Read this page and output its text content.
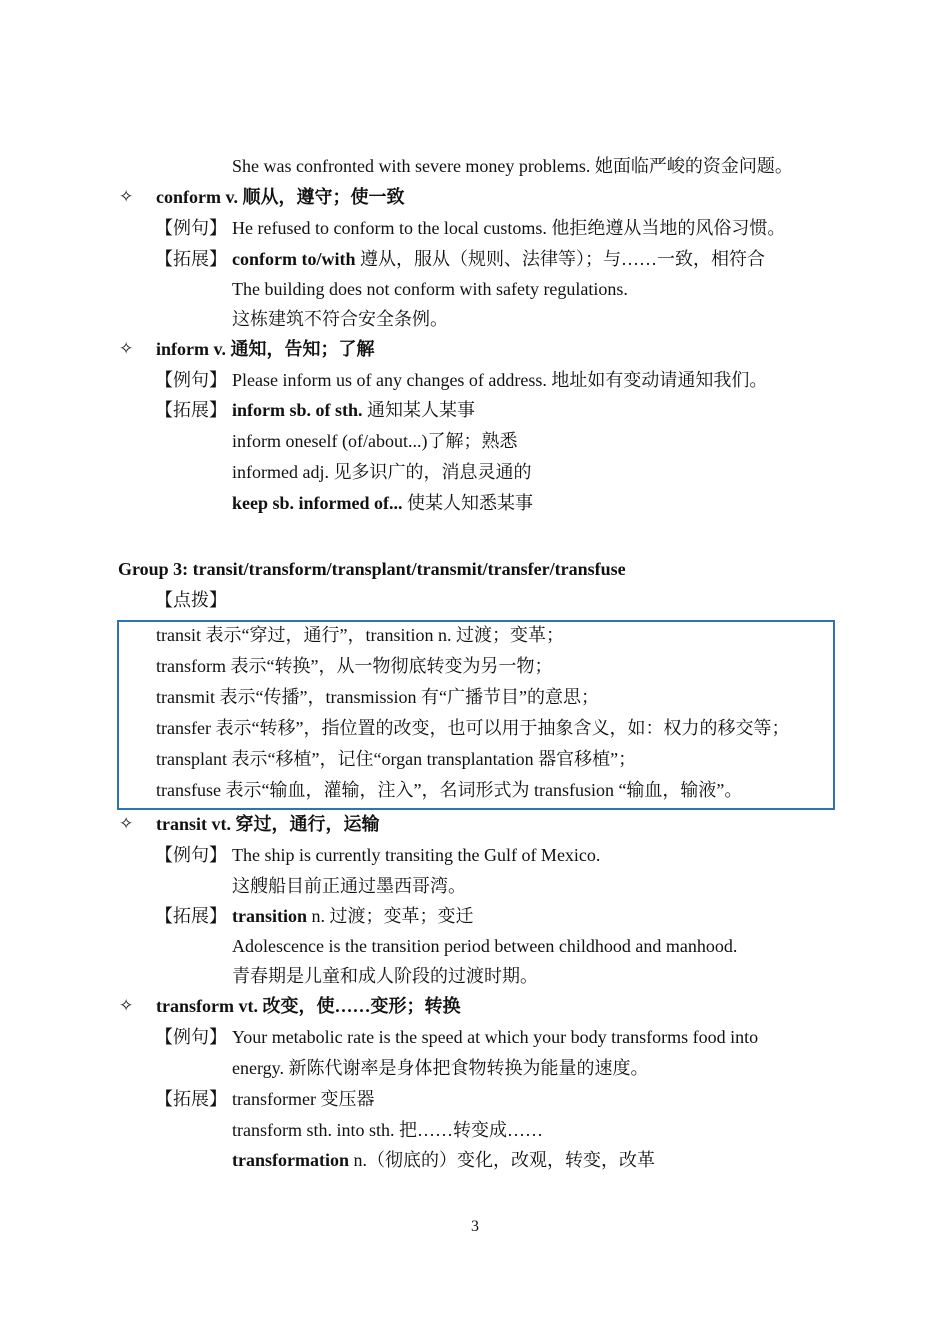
She was confronted with severe money problems. 她面临严峻的资金问题。
✧ conform v. 顺从，遵守；使一致
【例句】 He refused to conform to the local customs. 他拒绝遵从当地的风俗习惯。
【拓展】 conform to/with 遵从，服从（规则、法律等）；与……一致，相符合
The building does not conform with safety regulations.
这栋建筑不符合安全条例。
✧ inform v. 通知，告知；了解
【例句】 Please inform us of any changes of address. 地址如有变动请通知我们。
【拓展】 inform sb. of sth. 通知某人某事
inform oneself (of/about...)了解；熟悉
informed adj. 见多识广的，消息灵通的
keep sb. informed of... 使某人知悉某事
Group 3: transit/transform/transplant/transmit/transfer/transfuse
【点拨】
transit 表示“穿过，通行”，transition n. 过渡；变革；
transform 表示“转换”，从一物彻底转变为另一物；
transmit 表示“传播”，transmission 有“广播节目”的意思；
transfer 表示“转移”，指位置的改变，也可以用于抽象含义，如：权力的移交等；
transplant 表示“移植”，记住“organ transplantation 器官移植”；
transfuse 表示“输血，灌输，注入”，名词形式为 transfusion “输血，输液”。
✧ transit vt. 穿过，通行，运输
【例句】 The ship is currently transiting the Gulf of Mexico.
这艘船目前正通过墨西哥湾。
【拓展】 transition n. 过渡；变革；变迁
Adolescence is the transition period between childhood and manhood.
青春期是儿童和成人阶段的过渡时期。
✧ transform vt. 改变，使……变形；转换
【例句】 Your metabolic rate is the speed at which your body transforms food into
energy. 新陈代谢率是身体把食物转换为能量的速度。
【拓展】 transformer 变压器
transform sth. into sth. 把……转变成……
transformation n.（彻底的）变化，改观，转变，改革
3
